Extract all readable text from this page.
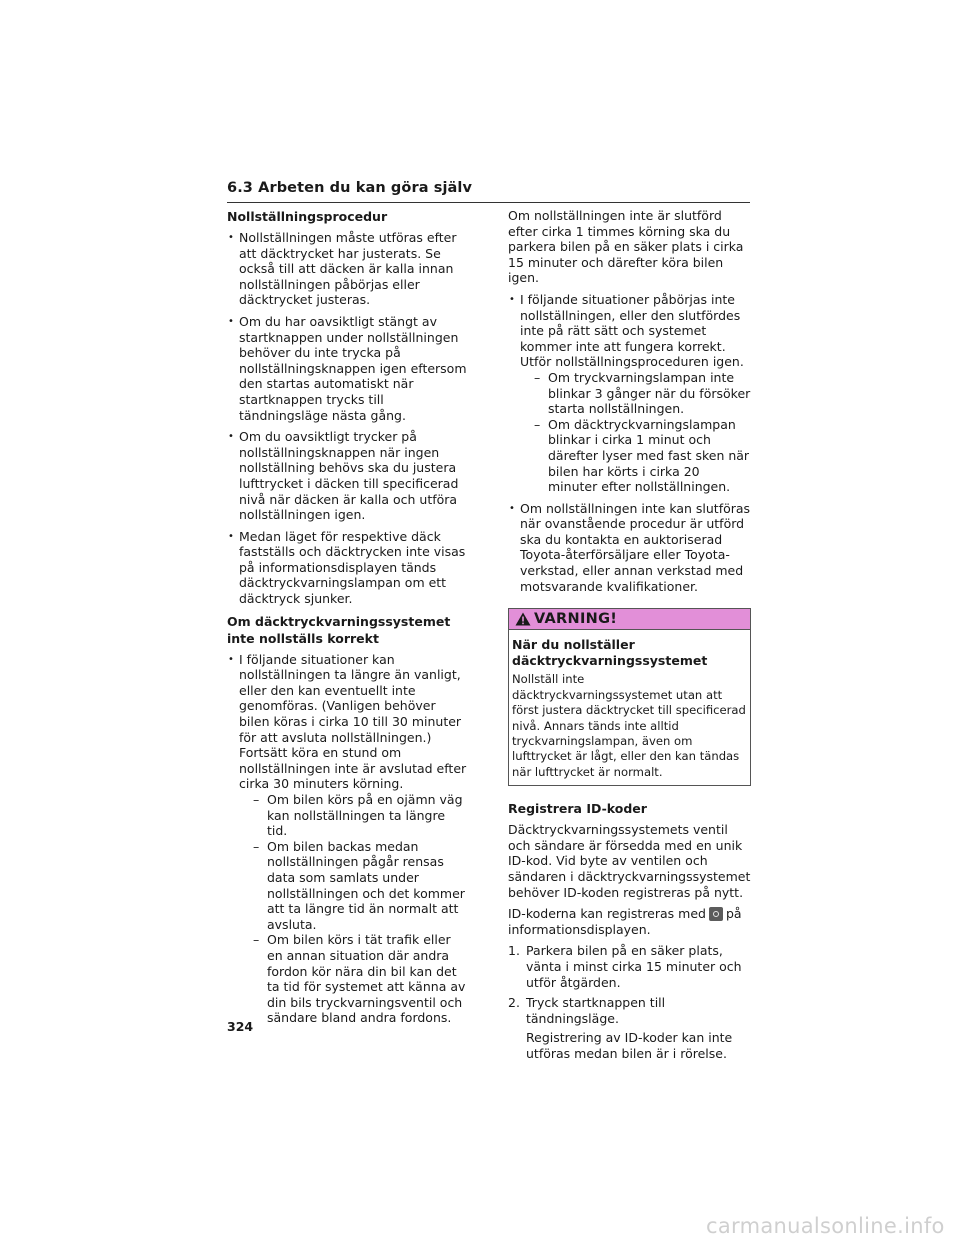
6.3 Arbeten du kan göra själv
Nollställningsprocedur
• Nollställningen måste utföras efter att däcktrycket har justerats. Se också till att däcken är kalla innan nollställningen påbörjas eller däcktrycket justeras.
• Om du har oavsiktligt stängt av startknappen under nollställningen behöver du inte trycka på nollställningsknappen igen eftersom den startas automatiskt när startknappen trycks till tändningsläge nästa gång.
• Om du oavsiktligt trycker på nollställningsknappen när ingen nollställning behövs ska du justera lufttrycket i däcken till specificerad nivå när däcken är kalla och utföra nollställningen igen.
• Medan läget för respektive däck fastställs och däcktrycken inte visas på informationsdisplayen tänds däcktryckvarningslampan om ett däcktryck sjunker.
Om däcktryckvarningssystemet inte nollställs korrekt
• I följande situationer kan nollställningen ta längre än vanligt, eller den kan eventuellt inte genomföras. (Vanligen behöver bilen köras i cirka 10 till 30 minuter för att avsluta nollställningen.) Fortsätt köra en stund om nollställningen inte är avslutad efter cirka 30 minuters körning.
– Om bilen körs på en ojämn väg kan nollställningen ta längre tid.
– Om bilen backas medan nollställningen pågår rensas data som samlats under nollställningen och det kommer att ta längre tid än normalt att avsluta.
– Om bilen körs i tät trafik eller en annan situation där andra fordon kör nära din bil kan det ta tid för systemet att känna av din bils tryckvarningsventil och sändare bland andra fordons.
Om nollställningen inte är slutförd efter cirka 1 timmes körning ska du parkera bilen på en säker plats i cirka 15 minuter och därefter köra bilen igen.
• I följande situationer påbörjas inte nollställningen, eller den slutfördes inte på rätt sätt och systemet kommer inte att fungera korrekt. Utför nollställningsproceduren igen.
– Om tryckvarningslampan inte blinkar 3 gånger när du försöker starta nollställningen.
– Om däcktryckvarningslampan blinkar i cirka 1 minut och därefter lyser med fast sken när bilen har körts i cirka 20 minuter efter nollställningen.
• Om nollställningen inte kan slutföras när ovanstående procedur är utförd ska du kontakta en auktoriserad Toyota-återförsäljare eller Toyota-verkstad, eller annan verkstad med motsvarande kvalifikationer.
VARNING!
När du nollställer däcktryckvarningssystemet
Nollställ inte däcktryckvarningssystemet utan att först justera däcktrycket till specificerad nivå. Annars tänds inte alltid tryckvarningslampan, även om lufttrycket är lågt, eller den kan tändas när lufttrycket är normalt.
Registrera ID-koder
Däcktryckvarningssystemets ventil och sändare är försedda med en unik ID-kod. Vid byte av ventilen och sändaren i däcktryckvarningssystemet behöver ID-koden registreras på nytt.
ID-koderna kan registreras med på informationsdisplayen.
1. Parkera bilen på en säker plats, vänta i minst cirka 15 minuter och utför åtgärden.
2. Tryck startknappen till tändningsläge.
Registrering av ID-koder kan inte utföras medan bilen är i rörelse.
324
carmanualsonline.info
